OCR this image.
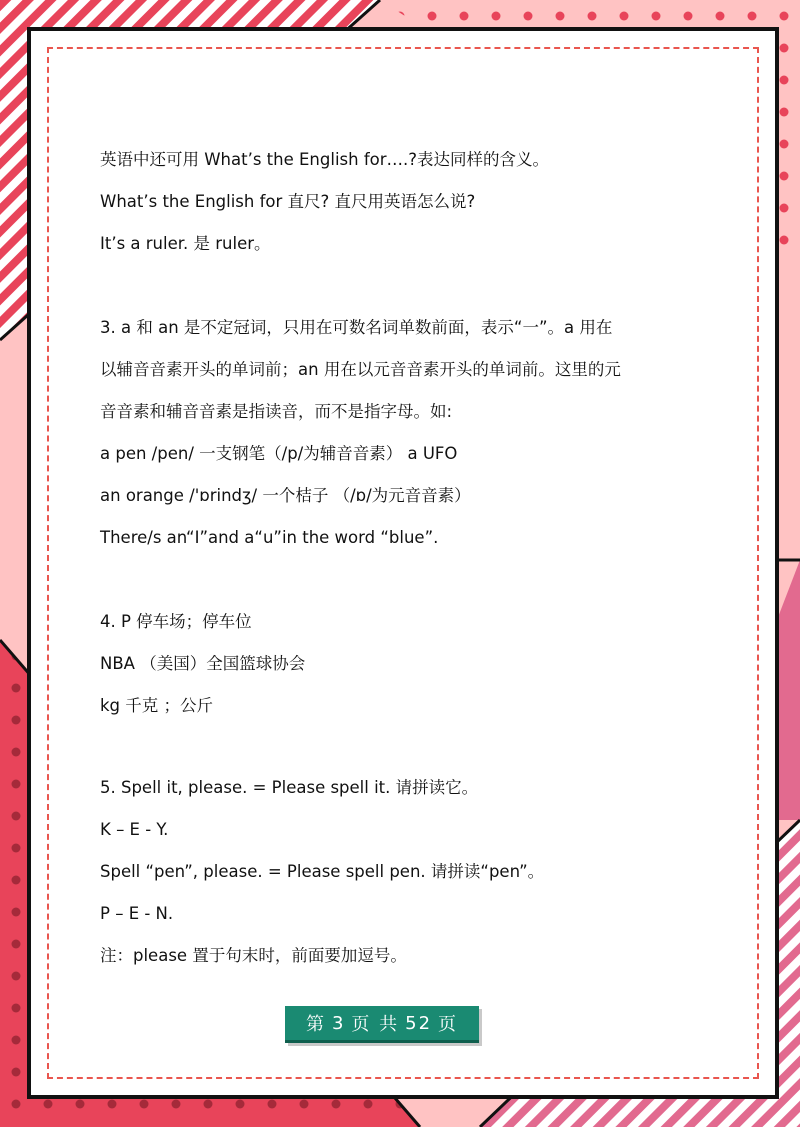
英语中还可用 What’s the English for….?表达同样的含义。
What’s the English for 直尺? 直尺用英语怎么说?
It’s a ruler. 是 ruler。
3. a 和 an 是不定冠词，只用在可数名词单数前面，表示“一”。a 用在
以辅音音素开头的单词前；an 用在以元音音素开头的单词前。这里的元
音音素和辅音音素是指读音，而不是指字母。如:
a pen /pen/ 一支钢笔（/p/为辅音音素） a UFO
an orange /'ɒrindʒ/ 一个桔子 （/ɒ/为元音音素）
There/s an“I”and a“u”in the word “blue”.
4. P 停车场；停车位
NBA （美国）全国篮球协会
kg 千克 ；公斤
5. Spell it, please. = Please spell it. 请拼读它。
K – E - Y.
Spell “pen”, please. = Please spell pen. 请拼读“pen”。
P – E - N.
注：please 置于句末时，前面要加逗号。
第 3 页 共 52 页
